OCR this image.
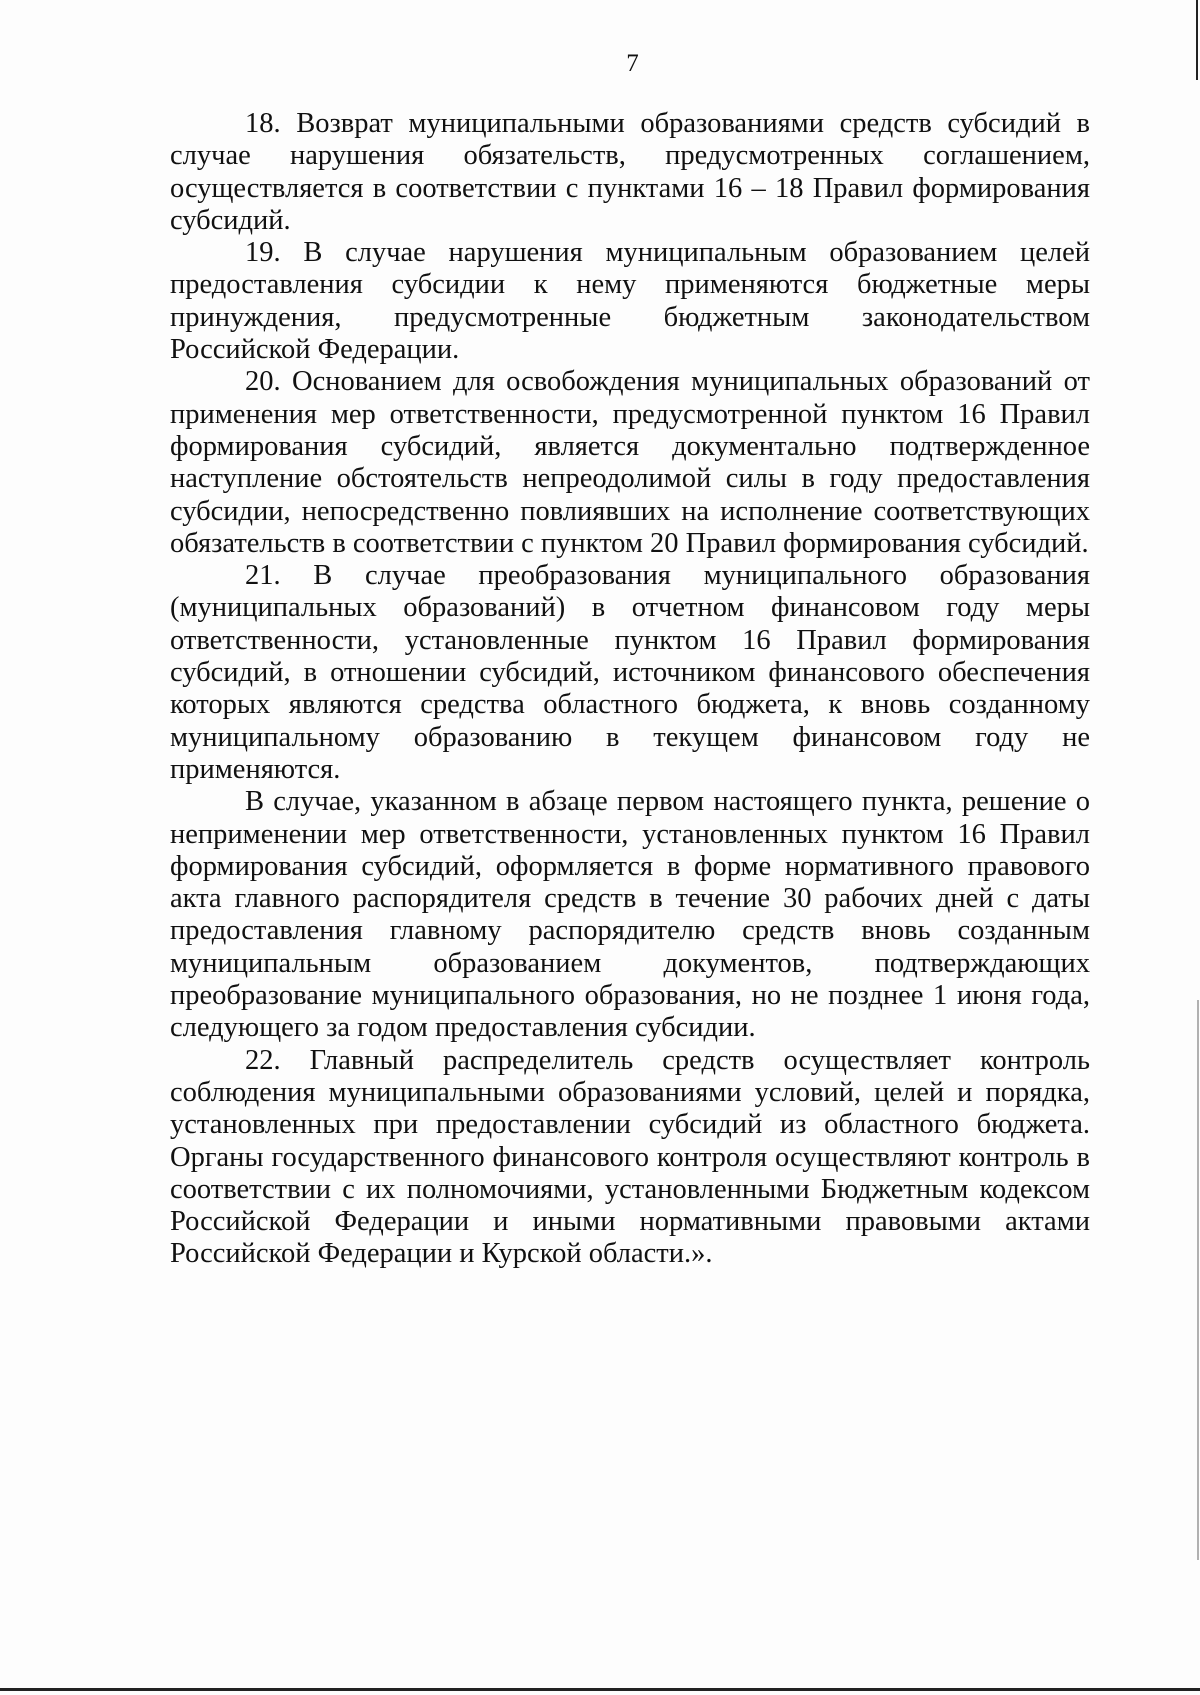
7

18. Возврат муниципальными образованиями средств субсидий в случае нарушения обязательств, предусмотренных соглашением, осуществляется в соответствии с пунктами 16 – 18 Правил формирования субсидий.

19. В случае нарушения муниципальным образованием целей предоставления субсидии к нему применяются бюджетные меры принуждения, предусмотренные бюджетным законодательством Российской Федерации.

20. Основанием для освобождения муниципальных образований от применения мер ответственности, предусмотренной пунктом 16 Правил формирования субсидий, является документально подтвержденное наступление обстоятельств непреодолимой силы в году предоставления субсидии, непосредственно повлиявших на исполнение соответствующих обязательств в соответствии с пунктом 20 Правил формирования субсидий.

21. В случае преобразования муниципального образования (муниципальных образований) в отчетном финансовом году меры ответственности, установленные пунктом 16 Правил формирования субсидий, в отношении субсидий, источником финансового обеспечения которых являются средства областного бюджета, к вновь созданному муниципальному образованию в текущем финансовом году не применяются.

В случае, указанном в абзаце первом настоящего пункта, решение о неприменении мер ответственности, установленных пунктом 16 Правил формирования субсидий, оформляется в форме нормативного правового акта главного распорядителя средств в течение 30 рабочих дней с даты предоставления главному распорядителю средств вновь созданным муниципальным образованием документов, подтверждающих преобразование муниципального образования, но не позднее 1 июня года, следующего за годом предоставления субсидии.

22. Главный распределитель средств осуществляет контроль соблюдения муниципальными образованиями условий, целей и порядка, установленных при предоставлении субсидий из областного бюджета. Органы государственного финансового контроля осуществляют контроль в соответствии с их полномочиями, установленными Бюджетным кодексом Российской Федерации и иными нормативными правовыми актами Российской Федерации и Курской области.».
